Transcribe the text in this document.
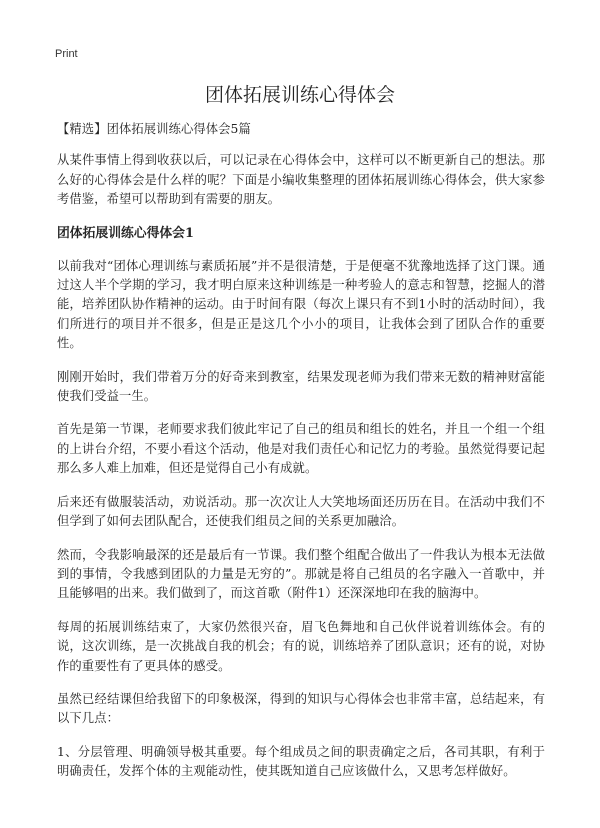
Print
团体拓展训练心得体会

【精选】团体拓展训练心得体会5篇

从某件事情上得到收获以后，可以记录在心得体会中，这样可以不断更新自己的想法。那么好的心得体会是什么样的呢？下面是小编收集整理的团体拓展训练心得体会，供大家参考借鉴，希望可以帮助到有需要的朋友。

团体拓展训练心得体会1

以前我对“团体心理训练与素质拓展”并不是很清楚，于是便毫不犹豫地选择了这门课。通过这人半个学期的学习，我才明白原来这种训练是一种考验人的意志和智慧，挖掘人的潜能，培养团队协作精神的运动。由于时间有限（每次上课只有不到1小时的活动时间），我们所进行的项目并不很多，但是正是这几个小小的项目，让我体会到了团队合作的重要性。

刚刚开始时，我们带着万分的好奇来到教室，结果发现老师为我们带来无数的精神财富能使我们受益一生。

首先是第一节课，老师要求我们彼此牢记了自己的组员和组长的姓名，并且一个组一个组的上讲台介绍，不要小看这个活动，他是对我们责任心和记忆力的考验。虽然觉得要记起那么多人难上加难，但还是觉得自己小有成就。

后来还有做服装活动，劝说活动。那一次次让人大笑地场面还历历在目。在活动中我们不但学到了如何去团队配合，还使我们组员之间的关系更加融洽。

然而，令我影响最深的还是最后有一节课。我们整个组配合做出了一件我认为根本无法做到的事情，令我感到团队的力量是无穷的”。那就是将自己组员的名字融入一首歌中，并且能够唱的出来。我们做到了，而这首歌（附件1）还深深地印在我的脑海中。

每周的拓展训练结束了，大家仍然很兴奋，眉飞色舞地和自己伙伴说着训练体会。有的说，这次训练，是一次挑战自我的机会；有的说，训练培养了团队意识；还有的说，对协作的重要性有了更具体的感受。

虽然已经结课但给我留下的印象极深，得到的知识与心得体会也非常丰富，总结起来，有以下几点：

1、分层管理、明确领导极其重要。每个组成员之间的职责确定之后，各司其职，有利于明确责任，发挥个体的主观能动性，使其既知道自己应该做什么，又思考怎样做好。
